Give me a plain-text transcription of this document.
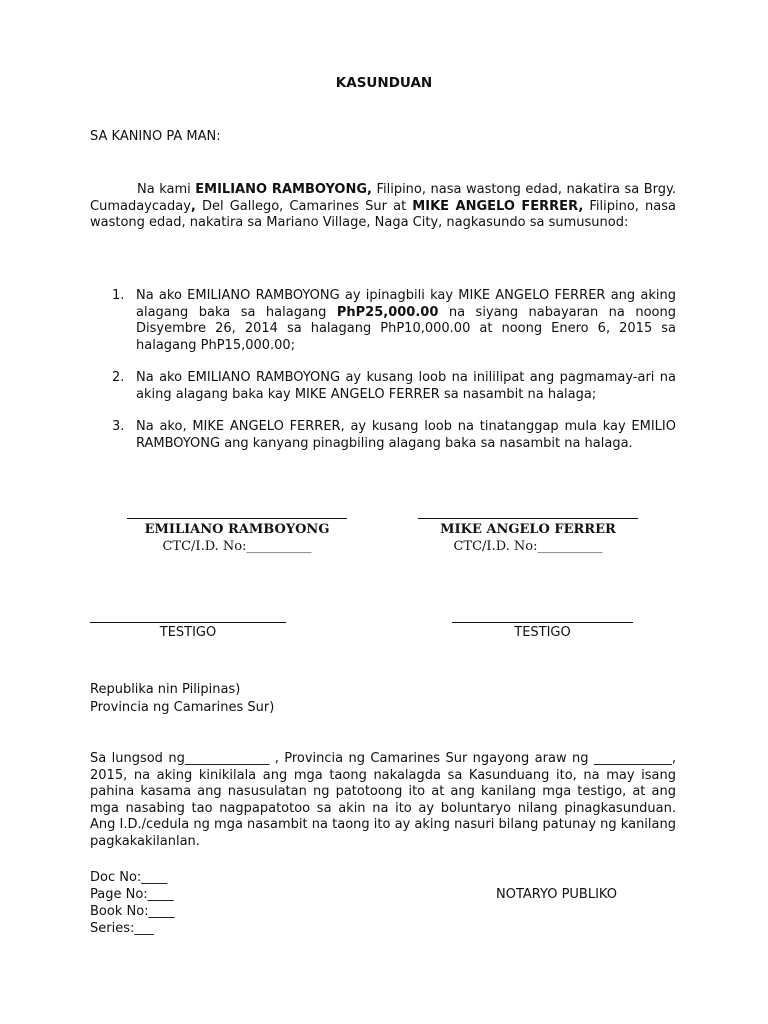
KASUNDUAN
SA KANINO PA MAN:
Na kami EMILIANO RAMBOYONG, Filipino, nasa wastong edad, nakatira sa Brgy. Cumadaycaday, Del Gallego, Camarines Sur at MIKE ANGELO FERRER, Filipino, nasa wastong edad, nakatira sa Mariano Village, Naga City, nagkasundo sa sumusunod:
1. Na ako EMILIANO RAMBOYONG ay ipinagbili kay MIKE ANGELO FERRER ang aking alagang baka sa halagang PhP25,000.00 na siyang nabayaran na noong Disyembre 26, 2014 sa halagang PhP10,000.00 at noong Enero 6, 2015 sa halagang PhP15,000.00;
2. Na ako EMILIANO RAMBOYONG ay kusang loob na inililipat ang pagmamay-ari na aking alagang baka kay MIKE ANGELO FERRER sa nasambit na halaga;
3. Na ako, MIKE ANGELO FERRER, ay kusang loob na tinatanggap mula kay EMILIO RAMBOYONG ang kanyang pinagbiling alagang baka sa nasambit na halaga.
EMILIANO RAMBOYONG
CTC/I.D. No:__________
MIKE ANGELO FERRER
CTC/I.D. No:__________
TESTIGO	TESTIGO
Republika nin Pilipinas)
Provincia ng Camarines Sur)
Sa lungsod ng_____________ , Provincia ng Camarines Sur ngayong araw ng ____________, 2015, na aking kinikilala ang mga taong nakalagda sa Kasunduang ito, na may isang pahina kasama ang nasusulatan ng patotoong ito at ang kanilang mga testigo, at ang mga nasabing tao nagpapatotoo sa akin na ito ay boluntaryo nilang pinagkasunduan. Ang I.D./cedula ng mga nasambit na taong ito ay aking nasuri bilang patunay ng kanilang pagkakakilanlan.
Doc No:____
Page No:____
Book No:____
Series:___
NOTARYO PUBLIKO
